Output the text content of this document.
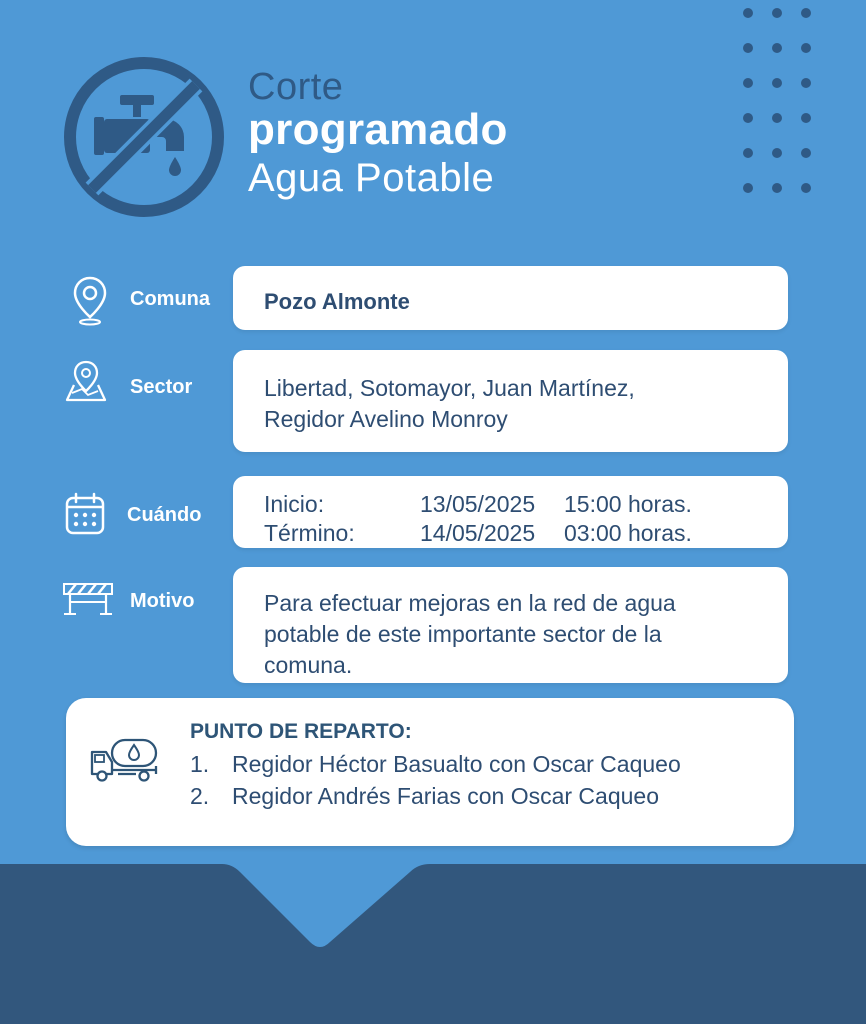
Corte
programado
Agua Potable
Comuna Pozo Almonte
Sector	Libertad, Sotomayor, Juan Martínez,
Regidor Avelino Monroy
Cuándo	Inicio:	13/05/2025 15:00 horas.
Término:	14/05/2025 03:00 horas.
Motivo	Para efectuar mejoras en la red de agua
potable de este importante sector de la
comuna.
PUNTO DE REPARTO:
1. Regidor Héctor Basualto con Oscar Caqueo
2. Regidor Andrés Farias con Oscar Caqueo
